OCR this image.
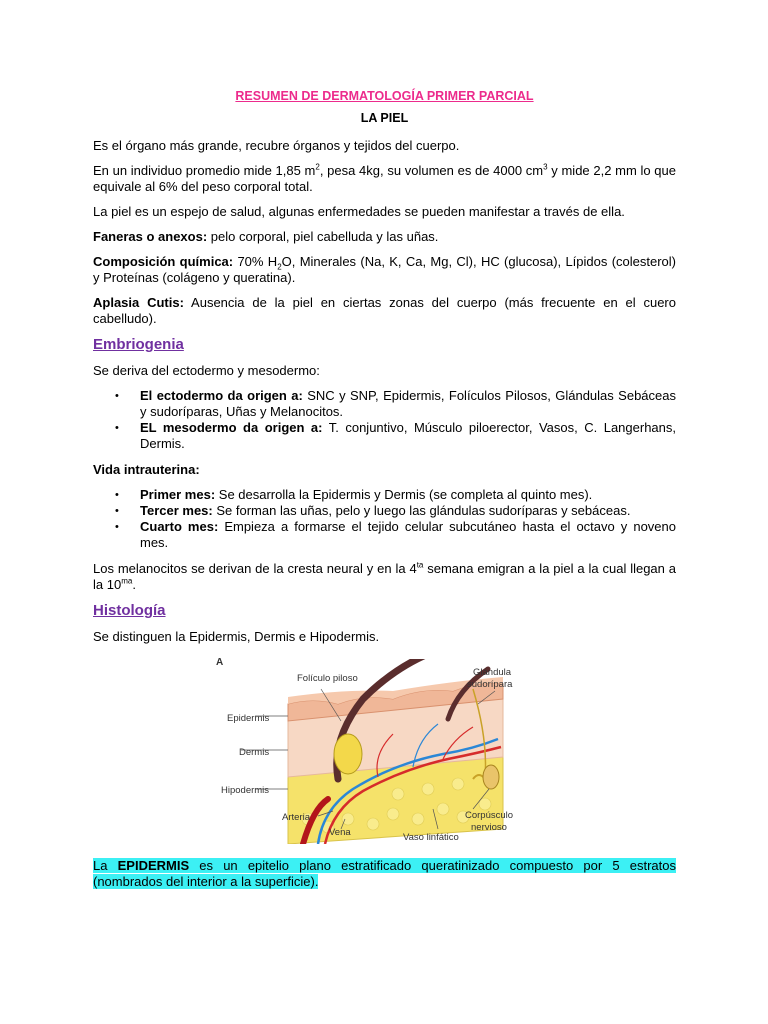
RESUMEN DE DERMATOLOGÍA PRIMER PARCIAL
LA PIEL

Es el órgano más grande, recubre órganos y tejidos del cuerpo.

En un individuo promedio mide 1,85 $m^2$, pesa 4kg, su volumen es de 4000 $cm^3$ y mide 2,2 mm lo que equivale al 6% del peso corporal total.

La piel es un espejo de salud, algunas enfermedades se pueden manifestar a través de ella.

Faneras o anexos: pelo corporal, piel cabelluda y las uñas.

Composición química: 70% $H_2O$, Minerales (Na, K, Ca, Mg, Cl), HC (glucosa), Lípidos (colesterol) y Proteínas (colágeno y queratina).

Aplasia Cutis: Ausencia de la piel en ciertas zonas del cuerpo (más frecuente en el cuero cabelludo).

Embriogenia

Se deriva del ectodermo y mesodermo:

• El ectodermo da origen a: SNC y SNP, Epidermis, Folículos Pilosos, Glándulas Sebáceas y sudoríparas, Uñas y Melanocitos.
• EL mesodermo da origen a: T. conjuntivo, Músculo piloerector, Vasos, C. Langerhans, Dermis.

Vida intrauterina:

• Primer mes: Se desarrolla la Epidermis y Dermis (se completa al quinto mes).
• Tercer mes: Se forman las uñas, pelo y luego las glándulas sudoríparas y sebáceas.
• Cuarto mes: Empieza a formarse el tejido celular subcutáneo hasta el octavo y noveno mes.

Los melanocitos se derivan de la cresta neural y en la $4^{ta}$ semana emigran a la piel a la cual llegan a la $10^{ma}$.

Histología

Se distinguen la Epidermis, Dermis e Hipodermis.

A
Folículo piloso
Glándula
sudorípara
Epidermis
Dermis
Hipodermis
Arteria
Vena	Vaso linfático
Corpúsculo
nervioso

La EPIDERMIS es un epitelio plano estratificado queratinizado compuesto por 5 estratos (nombrados del interior a la superficie).
